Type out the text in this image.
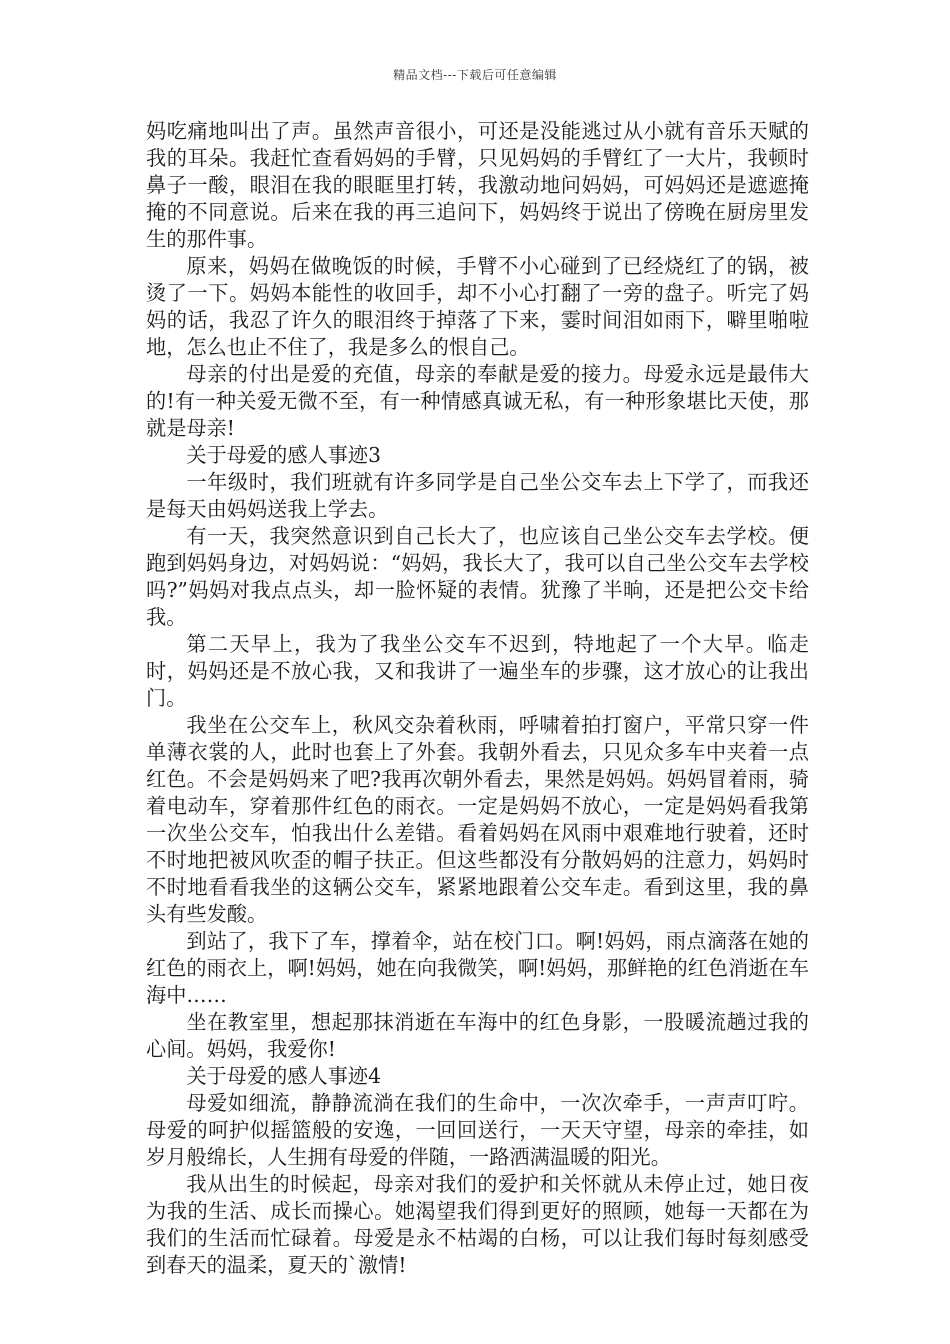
精品文档---下载后可任意编辑

妈吃痛地叫出了声。虽然声音很小，可还是没能逃过从小就有音乐天赋的我的耳朵。我赶忙查看妈妈的手臂，只见妈妈的手臂红了一大片，我顿时鼻子一酸，眼泪在我的眼眶里打转，我激动地问妈妈，可妈妈还是遮遮掩掩的不同意说。后来在我的再三追问下，妈妈终于说出了傍晚在厨房里发生的那件事。

原来，妈妈在做晚饭的时候，手臂不小心碰到了已经烧红了的锅，被烫了一下。妈妈本能性的收回手，却不小心打翻了一旁的盘子。听完了妈妈的话，我忍了许久的眼泪终于掉落了下来，霎时间泪如雨下，噼里啪啦地，怎么也止不住了，我是多么的恨自己。

母亲的付出是爱的充值，母亲的奉献是爱的接力。母爱永远是最伟大的!有一种关爱无微不至，有一种情感真诚无私，有一种形象堪比天使，那就是母亲!

关于母爱的感人事迹3

一年级时，我们班就有许多同学是自己坐公交车去上下学了，而我还是每天由妈妈送我上学去。

有一天，我突然意识到自己长大了，也应该自己坐公交车去学校。便跑到妈妈身边，对妈妈说：“妈妈，我长大了，我可以自己坐公交车去学校吗?”妈妈对我点点头，却一脸怀疑的表情。犹豫了半晌，还是把公交卡给我。

第二天早上，我为了我坐公交车不迟到，特地起了一个大早。临走时，妈妈还是不放心我，又和我讲了一遍坐车的步骤，这才放心的让我出门。

我坐在公交车上，秋风交杂着秋雨，呼啸着拍打窗户，平常只穿一件单薄衣裳的人，此时也套上了外套。我朝外看去，只见众多车中夹着一点红色。不会是妈妈来了吧?我再次朝外看去，果然是妈妈。妈妈冒着雨，骑着电动车，穿着那件红色的雨衣。一定是妈妈不放心，一定是妈妈看我第一次坐公交车，怕我出什么差错。看着妈妈在风雨中艰难地行驶着，还时不时地把被风吹歪的帽子扶正。但这些都没有分散妈妈的注意力，妈妈时不时地看看我坐的这辆公交车，紧紧地跟着公交车走。看到这里，我的鼻头有些发酸。

到站了，我下了车，撑着伞，站在校门口。啊!妈妈，雨点滴落在她的红色的雨衣上，啊!妈妈，她在向我微笑，啊!妈妈，那鲜艳的红色消逝在车海中……

坐在教室里，想起那抹消逝在车海中的红色身影，一股暖流趟过我的心间。妈妈，我爱你!

关于母爱的感人事迹4

母爱如细流，静静流淌在我们的生命中，一次次牵手，一声声叮咛。母爱的呵护似摇篮般的安逸，一回回送行，一天天守望，母亲的牵挂，如岁月般绵长，人生拥有母爱的伴随，一路洒满温暖的阳光。

我从出生的时候起，母亲对我们的爱护和关怀就从未停止过，她日夜为我的生活、成长而操心。她渴望我们得到更好的照顾，她每一天都在为我们的生活而忙碌着。母爱是永不枯竭的白杨，可以让我们每时每刻感受到春天的温柔，夏天的`激情!
